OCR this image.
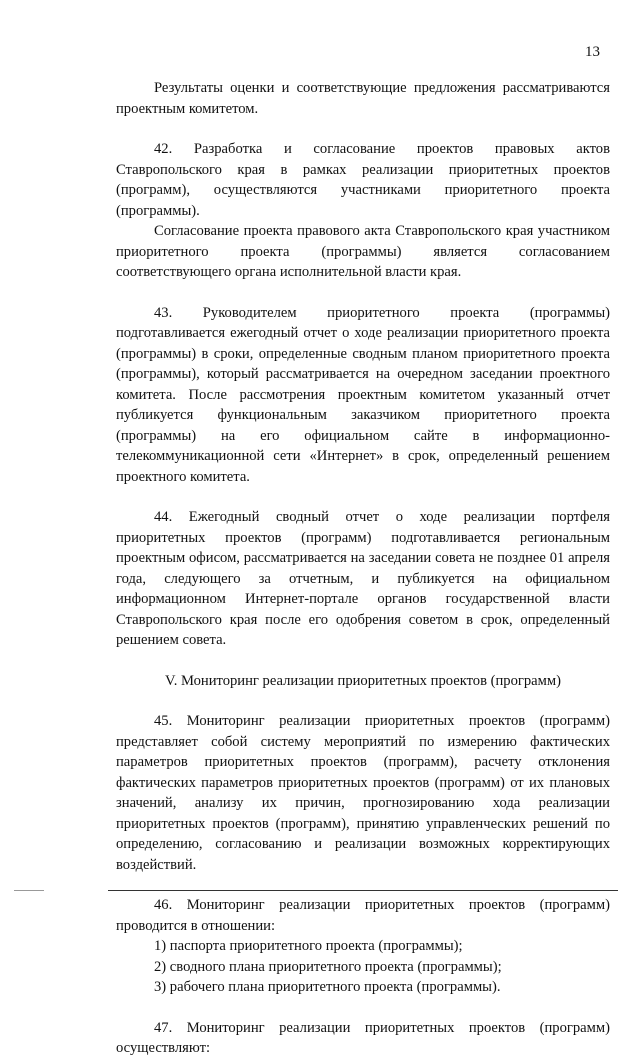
13

Результаты оценки и соответствующие предложения рассматриваются проектным комитетом.

42. Разработка и согласование проектов правовых актов Ставропольского края в рамках реализации приоритетных проектов (программ), осуществляются участниками приоритетного проекта (программы).

Согласование проекта правового акта Ставропольского края участником приоритетного проекта (программы) является согласованием соответствующего органа исполнительной власти края.

43. Руководителем приоритетного проекта (программы) подготавливается ежегодный отчет о ходе реализации приоритетного проекта (программы) в сроки, определенные сводным планом приоритетного проекта (программы), который рассматривается на очередном заседании проектного комитета. После рассмотрения проектным комитетом указанный отчет публикуется функциональным заказчиком приоритетного проекта (программы) на его официальном сайте в информационно-телекоммуникационной сети «Интернет» в срок, определенный решением проектного комитета.

44. Ежегодный сводный отчет о ходе реализации портфеля приоритетных проектов (программ) подготавливается региональным проектным офисом, рассматривается на заседании совета не позднее 01 апреля года, следующего за отчетным, и публикуется на официальном информационном Интернет-портале органов государственной власти Ставропольского края после его одобрения советом в срок, определенный решением совета.

V. Мониторинг реализации приоритетных проектов (программ)

45. Мониторинг реализации приоритетных проектов (программ) представляет собой систему мероприятий по измерению фактических параметров приоритетных проектов (программ), расчету отклонения фактических параметров приоритетных проектов (программ) от их плановых значений, анализу их причин, прогнозированию хода реализации приоритетных проектов (программ), принятию управленческих решений по определению, согласованию и реализации возможных корректирующих воздействий.

46. Мониторинг реализации приоритетных проектов (программ) проводится в отношении:

1) паспорта приоритетного проекта (программы);

2) сводного плана приоритетного проекта (программы);

3) рабочего плана приоритетного проекта (программы).

47. Мониторинг реализации приоритетных проектов (программ) осуществляют:
